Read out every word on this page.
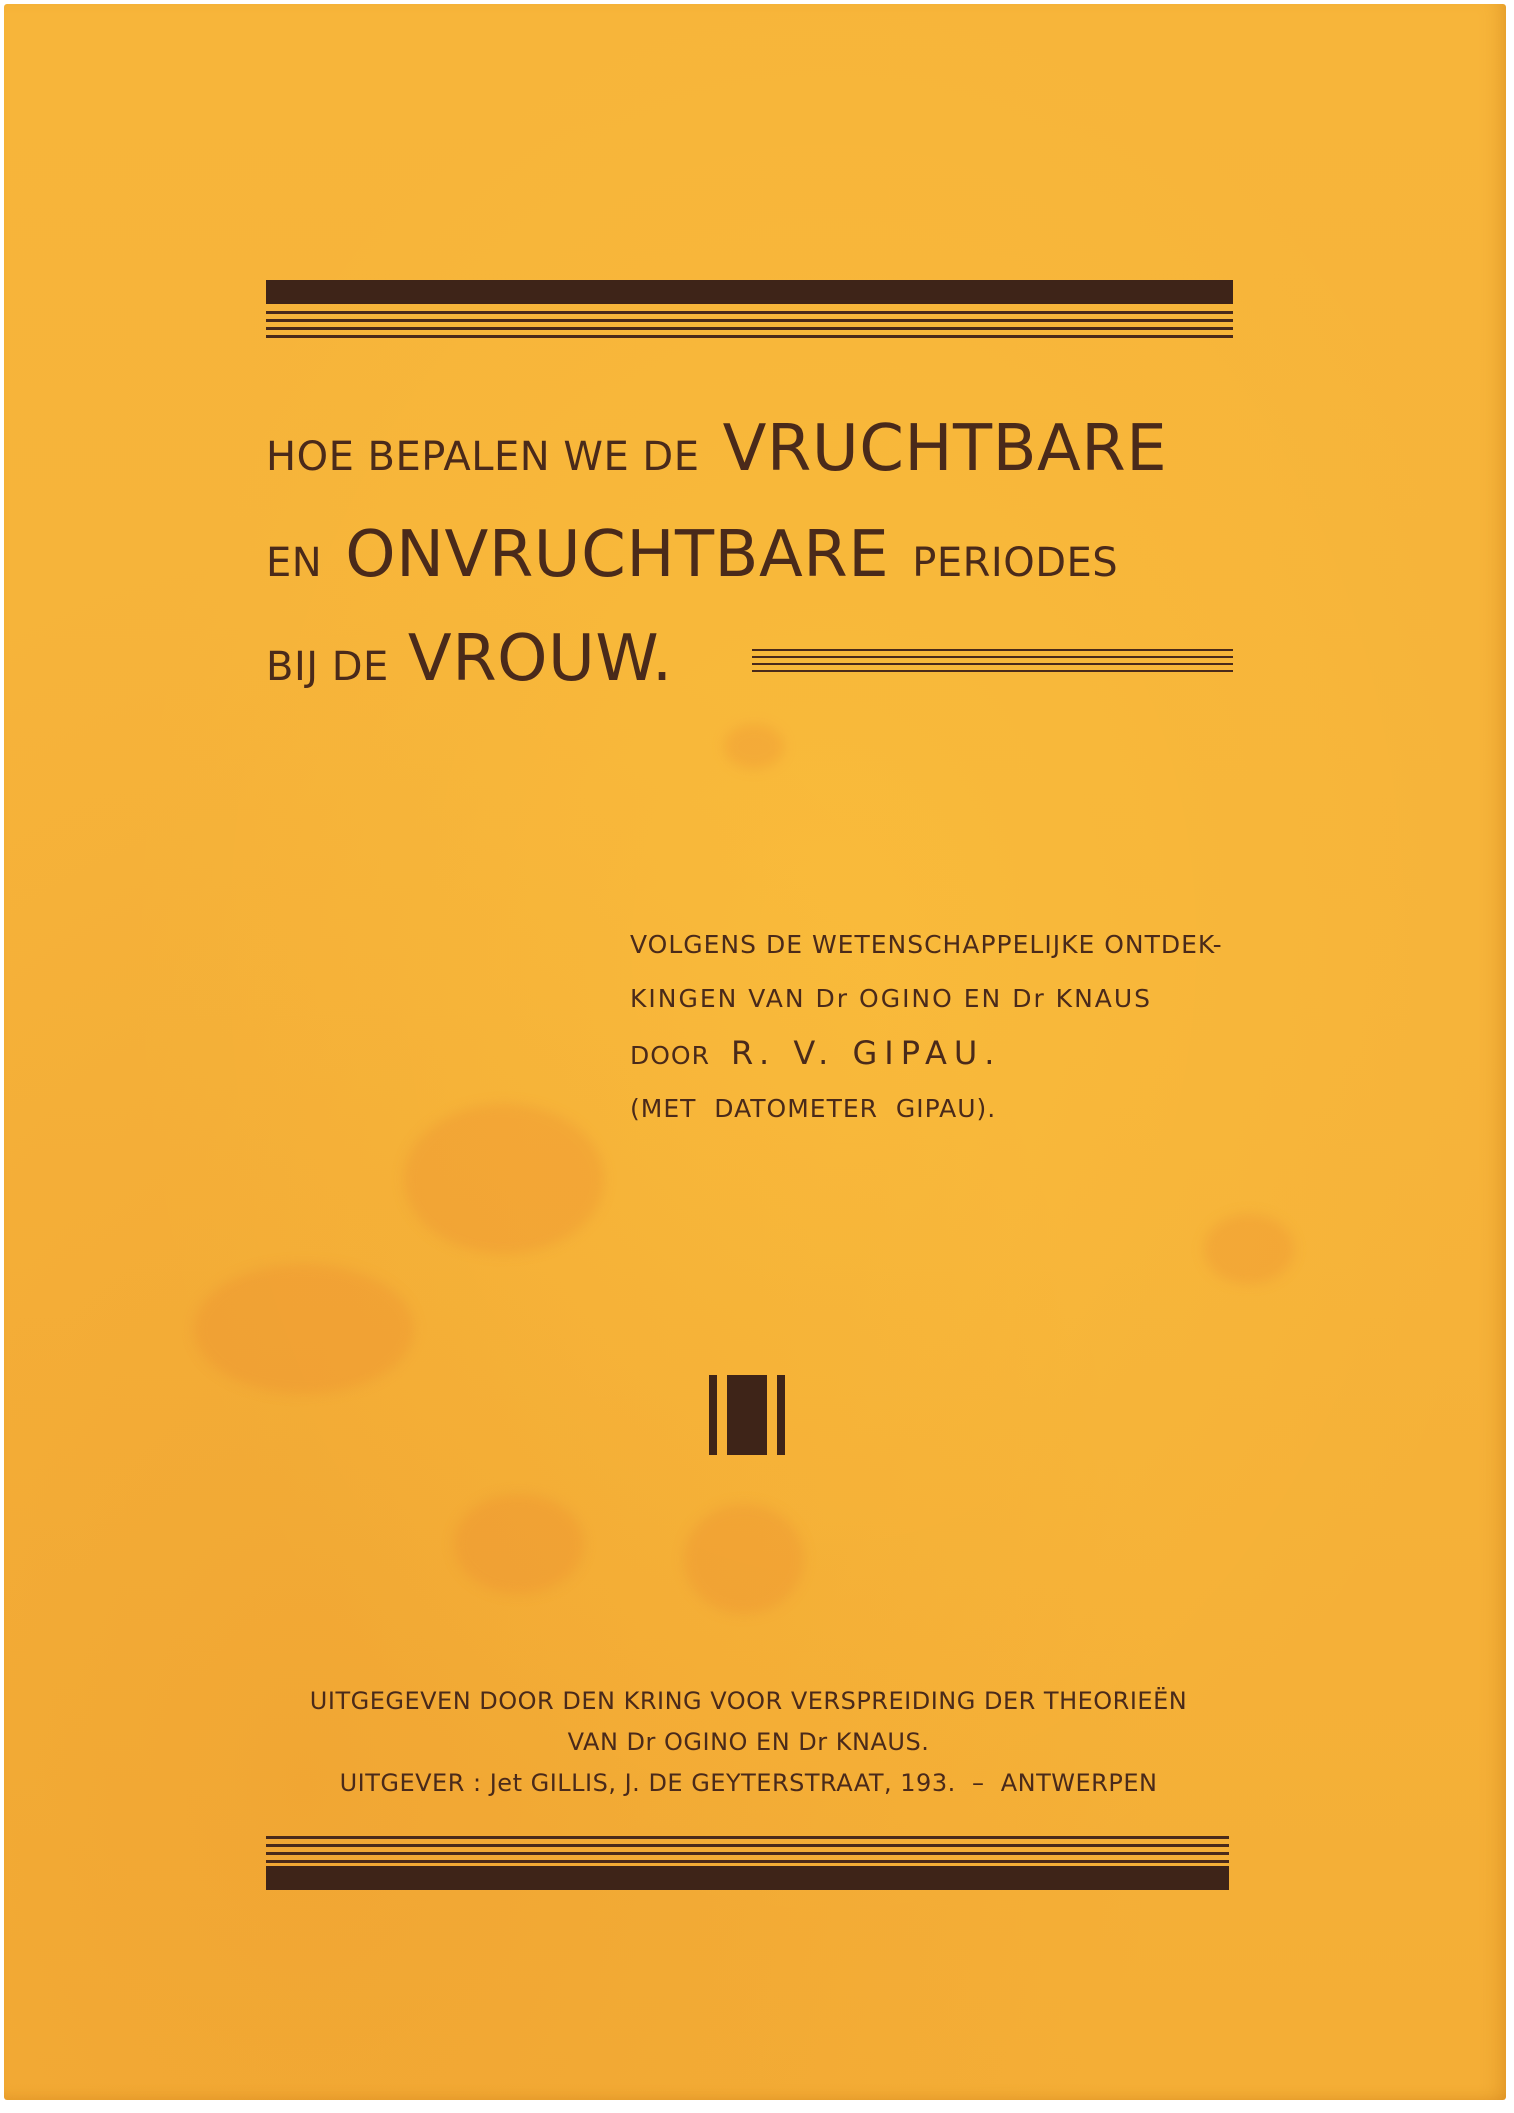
HOE BEPALEN WE DE VRUCHTBARE
EN ONVRUCHTBARE PERIODES
BIJ DE VROUW.
VOLGENS DE WETENSCHAPPELIJKE ONTDEK-
KINGEN VAN Dr OGINO EN Dr KNAUS
DOOR R. V. GIPAU.
(MET  DATOMETER  GIPAU).
UITGEGEVEN DOOR DEN KRING VOOR VERSPREIDING DER THEORIEËN
VAN Dr OGINO EN Dr KNAUS.
UITGEVER : Jet GILLIS, J. DE GEYTERSTRAAT, 193.  –  ANTWERPEN
